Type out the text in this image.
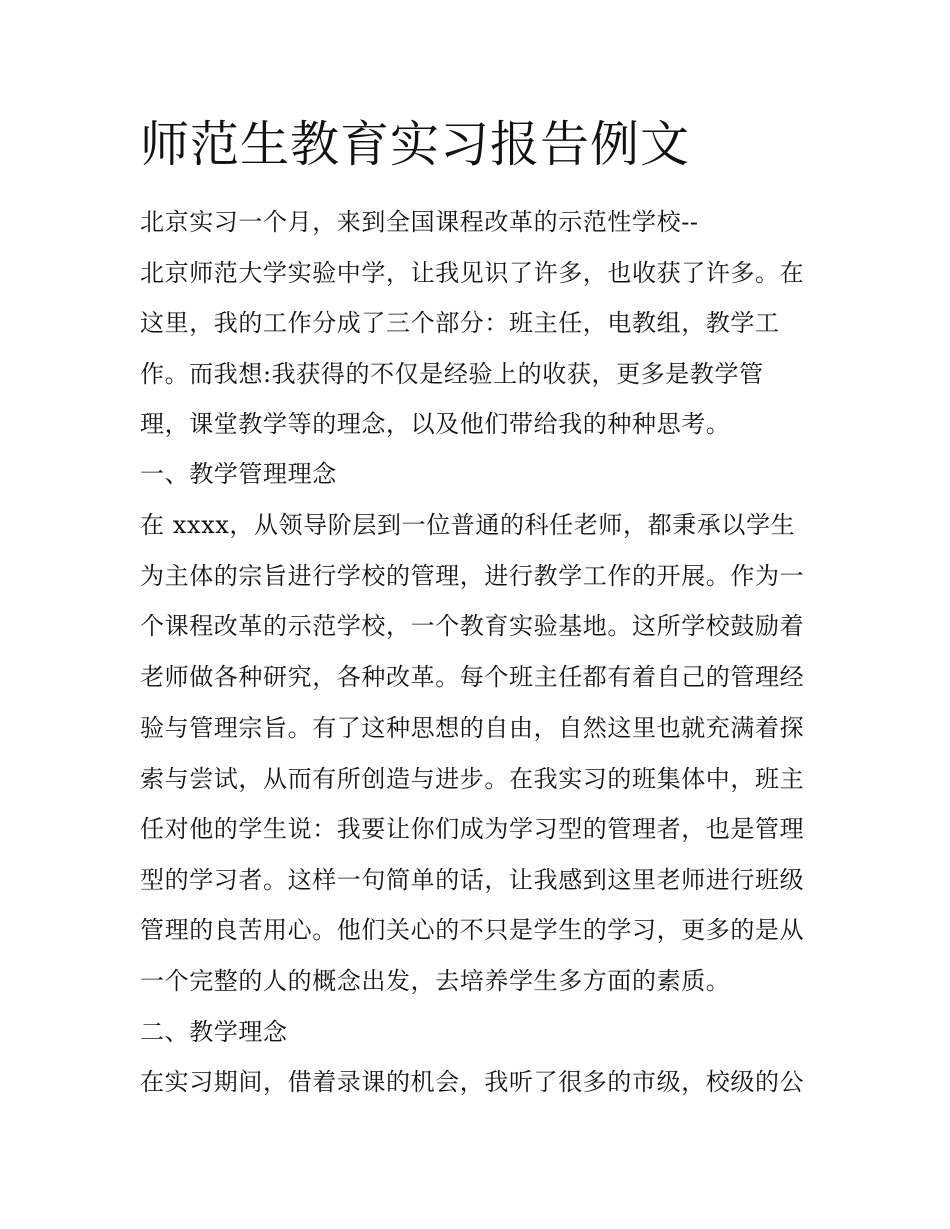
师范生教育实习报告例文

北京实习一个月，来到全国课程改革的示范性学校--

北京师范大学实验中学，让我见识了许多，也收获了许多。在

这里，我的工作分成了三个部分：班主任，电教组，教学工

作。而我想:我获得的不仅是经验上的收获，更多是教学管

理，课堂教学等的理念，以及他们带给我的种种思考。

一、教学管理理念

在 xxxx，从领导阶层到一位普通的科任老师，都秉承以学生

为主体的宗旨进行学校的管理，进行教学工作的开展。作为一

个课程改革的示范学校，一个教育实验基地。这所学校鼓励着

老师做各种研究，各种改革。每个班主任都有着自己的管理经

验与管理宗旨。有了这种思想的自由，自然这里也就充满着探

索与尝试，从而有所创造与进步。在我实习的班集体中，班主

任对他的学生说：我要让你们成为学习型的管理者，也是管理

型的学习者。这样一句简单的话，让我感到这里老师进行班级

管理的良苦用心。他们关心的不只是学生的学习，更多的是从

一个完整的人的概念出发，去培养学生多方面的素质。

二、教学理念

在实习期间，借着录课的机会，我听了很多的市级，校级的公
